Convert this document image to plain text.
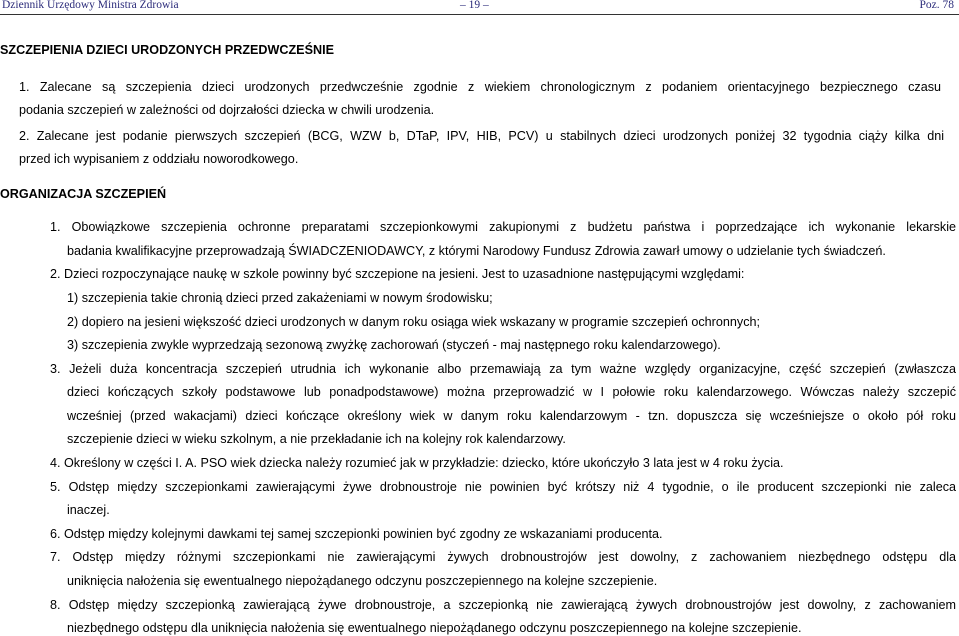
Dziennik Urzędowy Ministra Zdrowia	– 19 –	Poz. 78
SZCZEPIENIA DZIECI URODZONYCH PRZEDWCZEŚNIE
1. Zalecane są szczepienia dzieci urodzonych przedwcześnie zgodnie z wiekiem chronologicznym z podaniem orientacyjnego bezpiecznego czasu
podania szczepień w zależności od dojrzałości dziecka w chwili urodzenia.
2. Zalecane jest podanie pierwszych szczepień (BCG, WZW b, DTaP, IPV, HIB, PCV) u stabilnych dzieci urodzonych poniżej 32 tygodnia ciąży kilka dni
przed ich wypisaniem z oddziału noworodkowego.
ORGANIZACJA SZCZEPIEŃ
1. Obowiązkowe szczepienia ochronne preparatami szczepionkowymi zakupionymi z budżetu państwa i poprzedzające ich wykonanie lekarskie
badania kwalifikacyjne przeprowadzają ŚWIADCZENIODAWCY, z którymi Narodowy Fundusz Zdrowia zawarł umowy o udzielanie tych świadczeń.
2. Dzieci rozpoczynające naukę w szkole powinny być szczepione na jesieni. Jest to uzasadnione następującymi względami:
1) szczepienia takie chronią dzieci przed zakażeniami w nowym środowisku;
2) dopiero na jesieni większość dzieci urodzonych w danym roku osiąga wiek wskazany w programie szczepień ochronnych;
3) szczepienia zwykle wyprzedzają sezonową zwyżkę zachorowań (styczeń - maj następnego roku kalendarzowego).
3. Jeżeli duża koncentracja szczepień utrudnia ich wykonanie albo przemawiają za tym ważne względy organizacyjne, część szczepień (zwłaszcza
dzieci kończących szkoły podstawowe lub ponadpodstawowe) można przeprowadzić w I połowie roku kalendarzowego. Wówczas należy szczepić
wcześniej (przed wakacjami) dzieci kończące określony wiek w danym roku kalendarzowym - tzn. dopuszcza się wcześniejsze o około pół roku
szczepienie dzieci w wieku szkolnym, a nie przekładanie ich na kolejny rok kalendarzowy.
4. Określony w części I. A. PSO wiek dziecka należy rozumieć jak w przykładzie: dziecko, które ukończyło 3 lata jest w 4 roku życia.
5. Odstęp między szczepionkami zawierającymi żywe drobnoustroje nie powinien być krótszy niż 4 tygodnie, o ile producent szczepionki nie zaleca
inaczej.
6. Odstęp między kolejnymi dawkami tej samej szczepionki powinien być zgodny ze wskazaniami producenta.
7. Odstęp między różnymi szczepionkami nie zawierającymi żywych drobnoustrojów jest dowolny, z zachowaniem niezbędnego odstępu dla
uniknięcia nałożenia się ewentualnego niepożądanego odczynu poszczepiennego na kolejne szczepienie.
8. Odstęp między szczepionką zawierającą żywe drobnoustroje, a szczepionką nie zawierającą żywych drobnoustrojów jest dowolny, z zachowaniem
niezbędnego odstępu dla uniknięcia nałożenia się ewentualnego niepożądanego odczynu poszczepiennego na kolejne szczepienie.
